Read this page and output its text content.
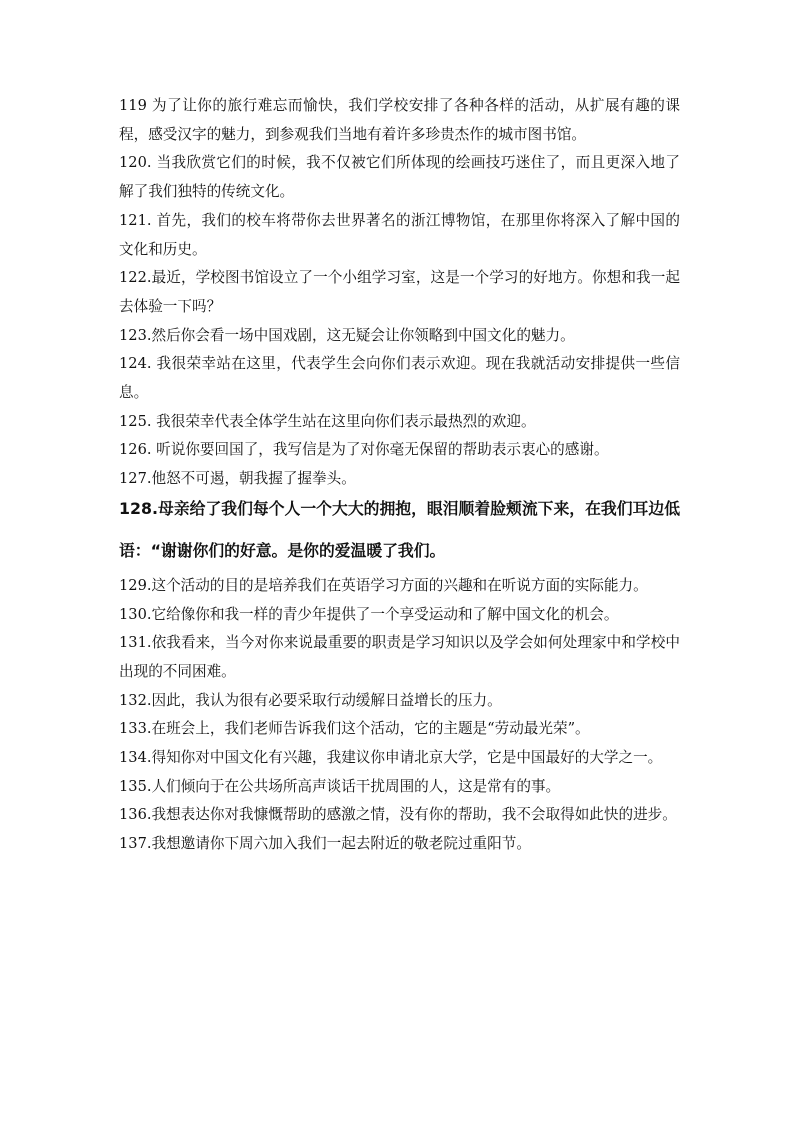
119 为了让你的旅行难忘而愉快，我们学校安排了各种各样的活动，从扩展有趣的课程，感受汉字的魅力，到参观我们当地有着许多珍贵杰作的城市图书馆。

120. 当我欣赏它们的时候，我不仅被它们所体现的绘画技巧迷住了，而且更深入地了解了我们独特的传统文化。

121. 首先，我们的校车将带你去世界著名的浙江博物馆，在那里你将深入了解中国的文化和历史。

122.最近，学校图书馆设立了一个小组学习室，这是一个学习的好地方。你想和我一起去体验一下吗？

123.然后你会看一场中国戏剧，这无疑会让你领略到中国文化的魅力。

124. 我很荣幸站在这里，代表学生会向你们表示欢迎。现在我就活动安排提供一些信息。

125. 我很荣幸代表全体学生站在这里向你们表示最热烈的欢迎。

126. 听说你要回国了，我写信是为了对你毫无保留的帮助表示衷心的感谢。

127.他怒不可遏，朝我握了握拳头。

128.母亲给了我们每个人一个大大的拥抱，眼泪顺着脸颊流下来，在我们耳边低语：“谢谢你们的好意。是你的爱温暖了我们。

129.这个活动的目的是培养我们在英语学习方面的兴趣和在听说方面的实际能力。

130.它给像你和我一样的青少年提供了一个享受运动和了解中国文化的机会。

131.依我看来，当今对你来说最重要的职责是学习知识以及学会如何处理家中和学校中出现的不同困难。

132.因此，我认为很有必要采取行动缓解日益增长的压力。

133.在班会上，我们老师告诉我们这个活动，它的主题是“劳动最光荣”。

134.得知你对中国文化有兴趣，我建议你申请北京大学，它是中国最好的大学之一。

135.人们倾向于在公共场所高声谈话干扰周围的人，这是常有的事。

136.我想表达你对我慷慨帮助的感激之情，没有你的帮助，我不会取得如此快的进步。

137.我想邀请你下周六加入我们一起去附近的敬老院过重阳节。
